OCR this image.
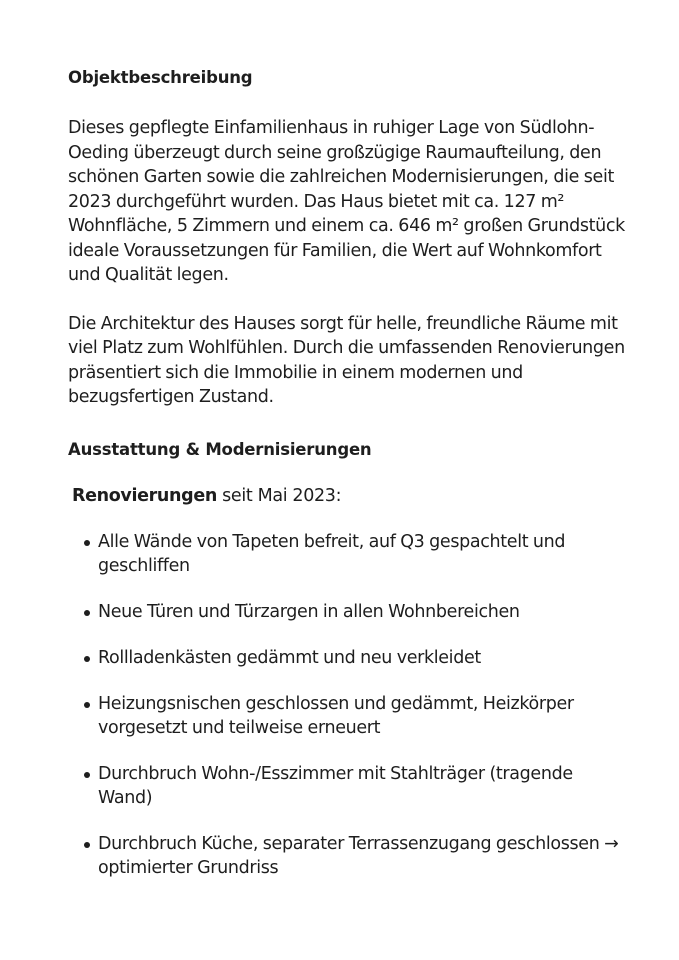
Objektbeschreibung

Dieses gepflegte Einfamilienhaus in ruhiger Lage von Südlohn-Oeding überzeugt durch seine großzügige Raumaufteilung, den schönen Garten sowie die zahlreichen Modernisierungen, die seit 2023 durchgeführt wurden. Das Haus bietet mit ca. 127 m² Wohnfläche, 5 Zimmern und einem ca. 646 m² großen Grundstück ideale Voraussetzungen für Familien, die Wert auf Wohnkomfort und Qualität legen.

Die Architektur des Hauses sorgt für helle, freundliche Räume mit viel Platz zum Wohlfühlen. Durch die umfassenden Renovierungen präsentiert sich die Immobilie in einem modernen und bezugsfertigen Zustand.

Ausstattung & Modernisierungen
Renovierungen seit Mai 2023:
Alle Wände von Tapeten befreit, auf Q3 gespachtelt und geschliffen
Neue Türen und Türzargen in allen Wohnbereichen
Rollladenkästen gedämmt und neu verkleidet
Heizungsnischen geschlossen und gedämmt, Heizkörper vorgesetzt und teilweise erneuert
Durchbruch Wohn-/Esszimmer mit Stahlträger (tragende Wand)
Durchbruch Küche, separater Terrassenzugang geschlossen → optimierter Grundriss
